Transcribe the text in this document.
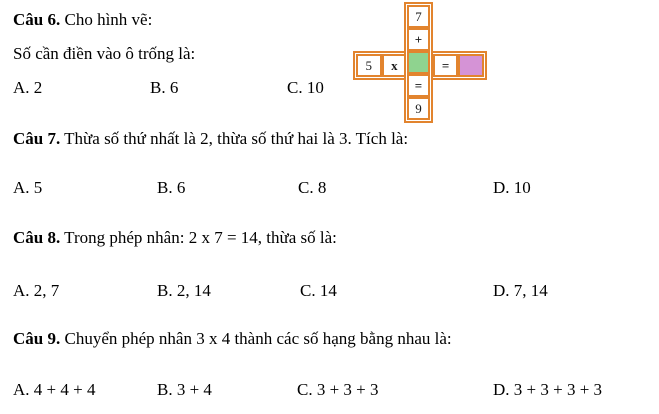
Câu 6. Cho hình vẽ:
Số cần điền vào ô trống là:
A. 2	B. 6	C. 10
5	x	=
7
+
=
9
Câu 7. Thừa số thứ nhất là 2, thừa số thứ hai là 3. Tích là:
A. 5	B. 6	C. 8	D. 10
Câu 8. Trong phép nhân: 2 x 7 = 14, thừa số là:
A. 2, 7	B. 2, 14	C. 14	D. 7, 14
Câu 9. Chuyển phép nhân 3 x 4 thành các số hạng bằng nhau là:
A. 4 + 4 + 4	B. 3 + 4	C. 3 + 3 + 3	D. 3 + 3 + 3 + 3
